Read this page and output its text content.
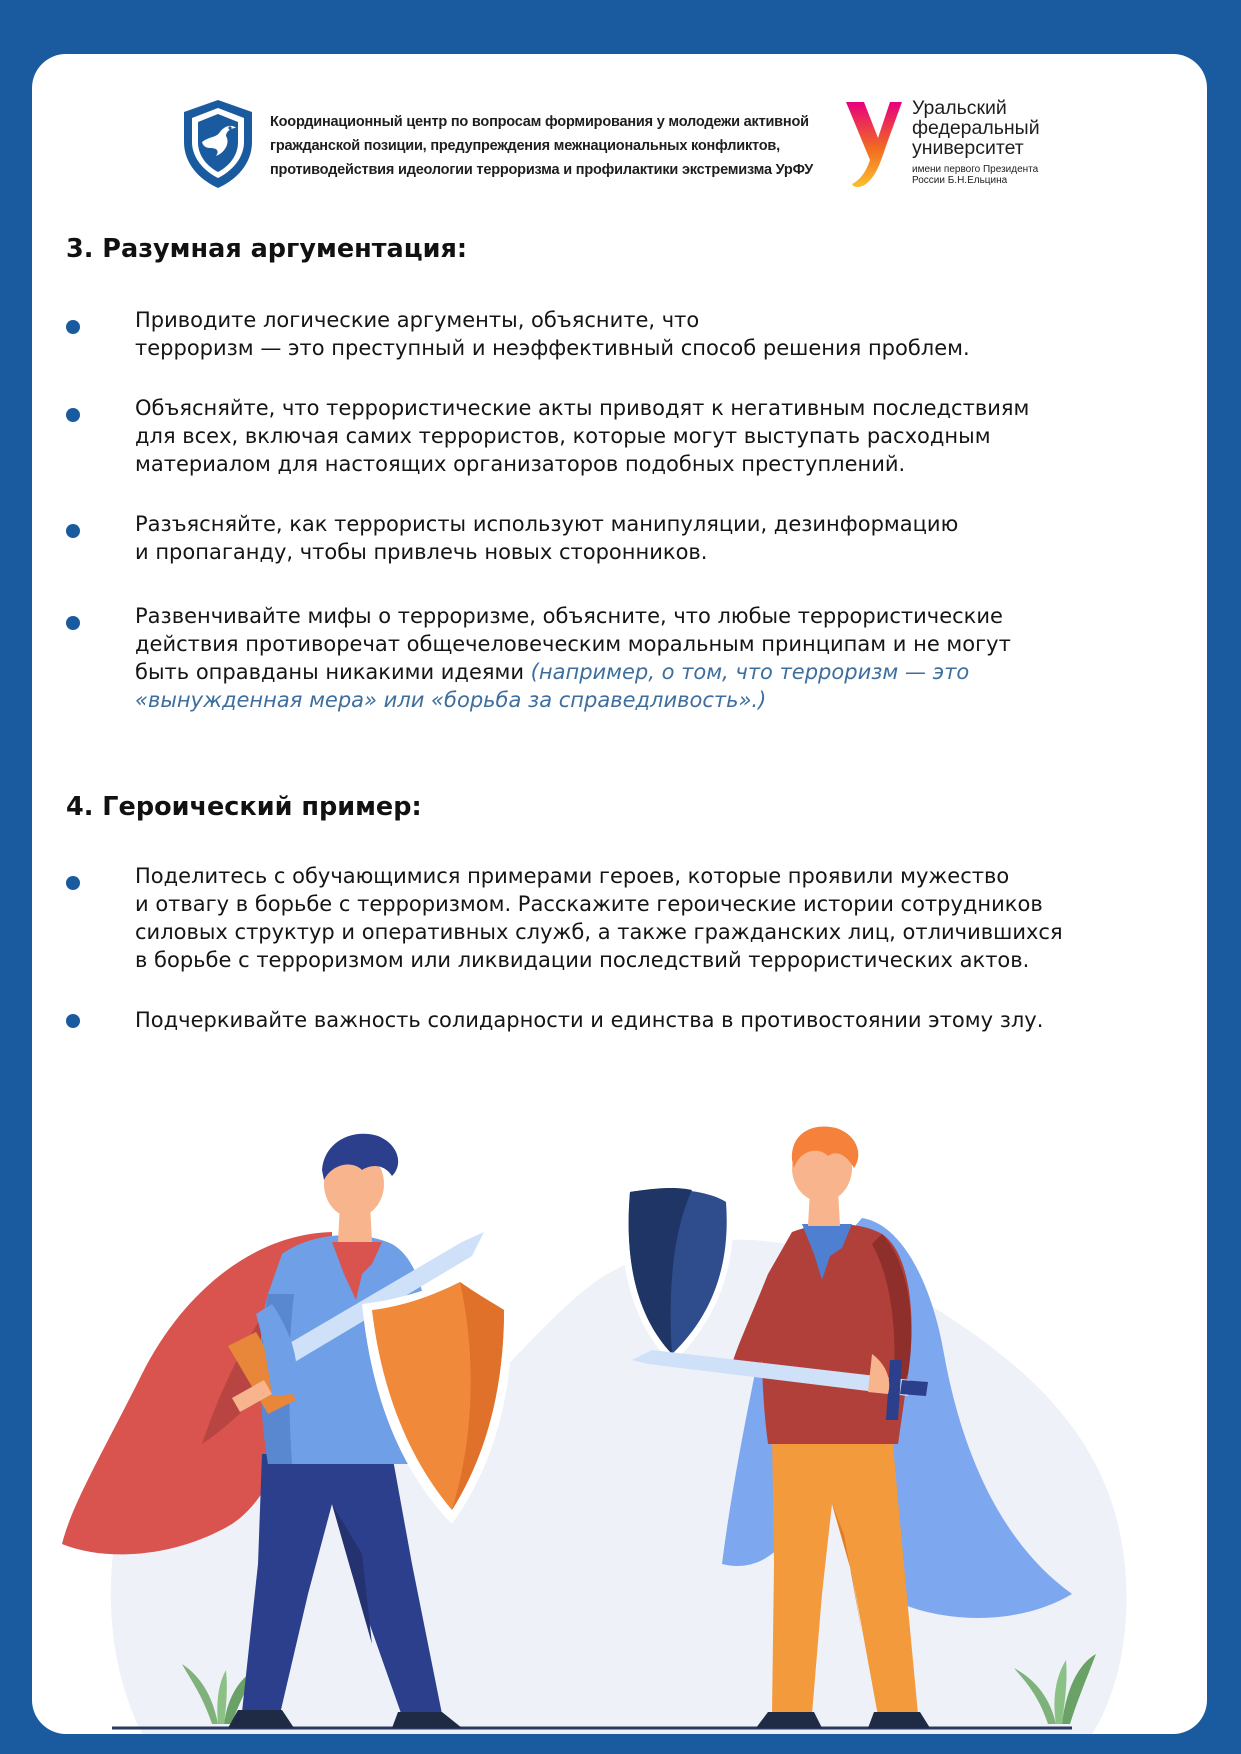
Координационный центр по вопросам формирования у молодежи активной
гражданской позиции, предупреждения межнациональных конфликтов,
противодействия идеологии терроризма и профилактики экстремизма УрФУ
Уральский
федеральный
университет
имени первого Президента
России Б.Н.Ельцина
3. Разумная аргументация:
Приводите логические аргументы, объясните, что
терроризм — это преступный и неэффективный способ решения проблем.
Объясняйте, что террористические акты приводят к негативным последствиям
для всех, включая самих террористов, которые могут выступать расходным
материалом для настоящих организаторов подобных преступлений.
Разъясняйте, как террористы используют манипуляции, дезинформацию
и пропаганду, чтобы привлечь новых сторонников.
Развенчивайте мифы о терроризме, объясните, что любые террористические
действия противоречат общечеловеческим моральным принципам и не могут
быть оправданы никакими идеями (например, о том, что терроризм — это
«вынужденная мера» или «борьба за справедливость».)
4. Героический пример:
Поделитесь с обучающимися примерами героев, которые проявили мужество
и отвагу в борьбе с терроризмом. Расскажите героические истории сотрудников
силовых структур и оперативных служб, а также гражданских лиц, отличившихся
в борьбе с терроризмом или ликвидации последствий террористических актов.
Подчеркивайте важность солидарности и единства в противостоянии этому злу.
